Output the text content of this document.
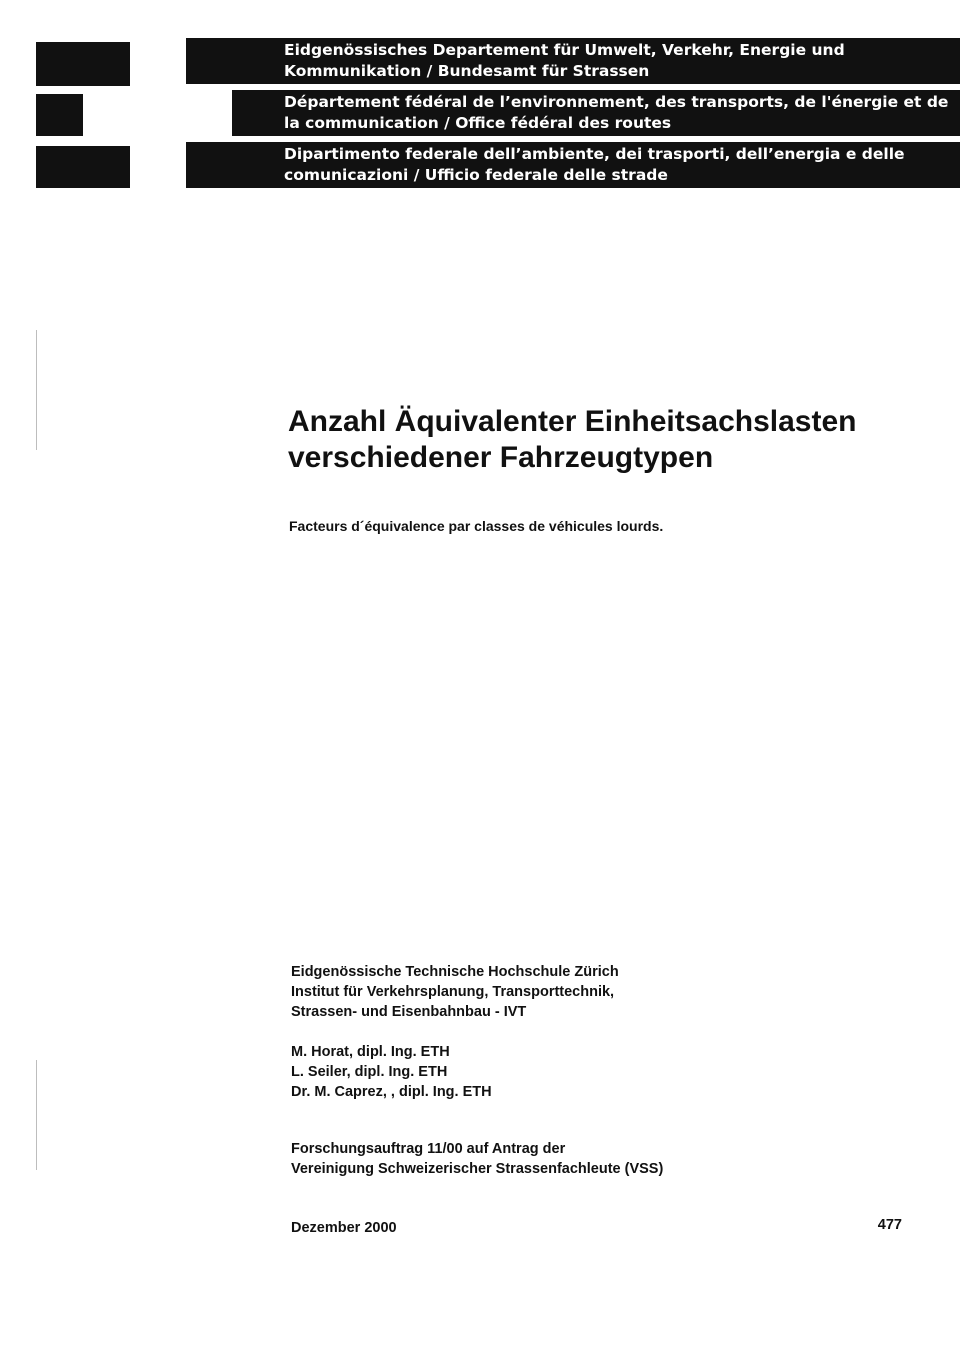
Eidgenössisches Departement für Umwelt, Verkehr, Energie und
Kommunikation / Bundesamt für Strassen
Département fédéral de l’environnement, des transports, de l'énergie et de
la communication / Office fédéral des routes
Dipartimento federale dell’ambiente, dei trasporti, dell’energia e delle
comunicazioni / Ufficio federale delle strade
Anzahl Äquivalenter Einheitsachslasten
verschiedener Fahrzeugtypen
Facteurs d´équivalence par classes de véhicules lourds.
Eidgenössische Technische Hochschule Zürich
Institut für Verkehrsplanung, Transporttechnik,
Strassen- und Eisenbahnbau - IVT
M. Horat, dipl. Ing. ETH
L. Seiler, dipl. Ing. ETH
Dr. M. Caprez, , dipl. Ing. ETH
Forschungsauftrag 11/00 auf Antrag der
Vereinigung Schweizerischer Strassenfachleute (VSS)
Dezember 2000	477
